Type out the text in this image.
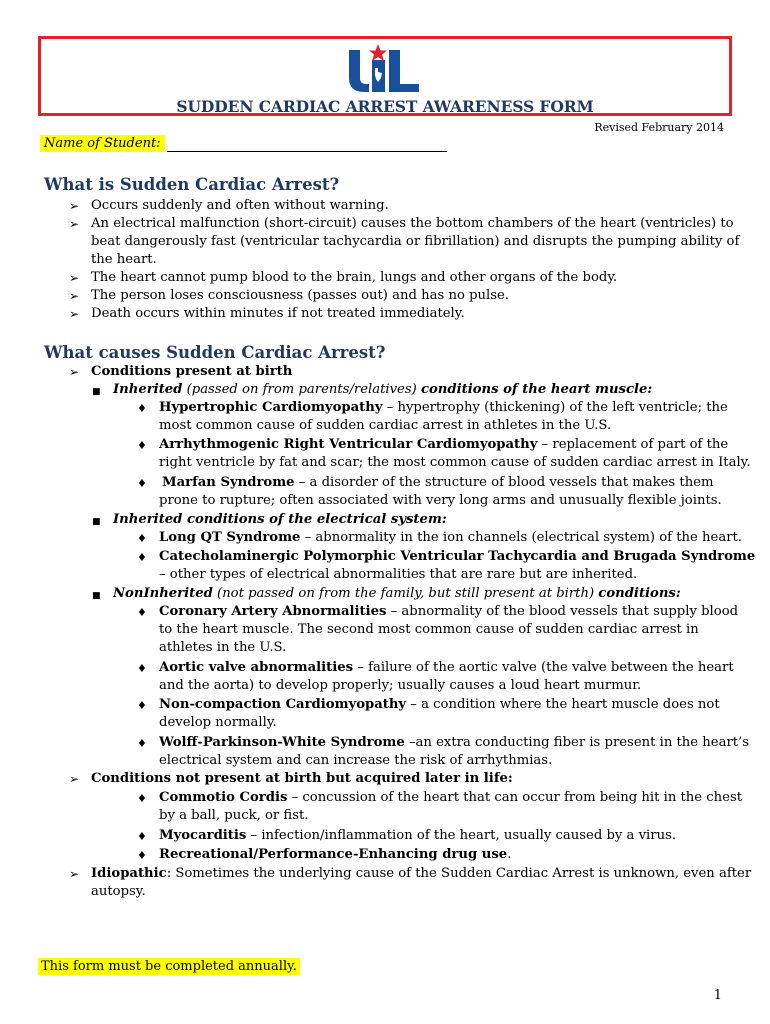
SUDDEN CARDIAC ARREST AWARENESS FORM
Revised February 2014
Name of Student:
What is Sudden Cardiac Arrest?
➢ Occurs suddenly and often without warning.
➢ An electrical malfunction (short-circuit) causes the bottom chambers of the heart (ventricles) to
beat dangerously fast (ventricular tachycardia or fibrillation) and disrupts the pumping ability of
the heart.
➢ The heart cannot pump blood to the brain, lungs and other organs of the body.
➢ The person loses consciousness (passes out) and has no pulse.
➢ Death occurs within minutes if not treated immediately.
What causes Sudden Cardiac Arrest?
➢ Conditions present at birth
■ Inherited (passed on from parents/relatives) conditions of the heart muscle:
♦ Hypertrophic Cardiomyopathy – hypertrophy (thickening) of the left ventricle; the
most common cause of sudden cardiac arrest in athletes in the U.S.
♦ Arrhythmogenic Right Ventricular Cardiomyopathy – replacement of part of the
right ventricle by fat and scar; the most common cause of sudden cardiac arrest in Italy.
♦ Marfan Syndrome – a disorder of the structure of blood vessels that makes them
prone to rupture; often associated with very long arms and unusually flexible joints.
■ Inherited conditions of the electrical system:
♦ Long QT Syndrome – abnormality in the ion channels (electrical system) of the heart.
♦ Catecholaminergic Polymorphic Ventricular Tachycardia and Brugada Syndrome
– other types of electrical abnormalities that are rare but are inherited.
■ NonInherited (not passed on from the family, but still present at birth) conditions:
♦ Coronary Artery Abnormalities – abnormality of the blood vessels that supply blood
to the heart muscle. The second most common cause of sudden cardiac arrest in
athletes in the U.S.
♦ Aortic valve abnormalities – failure of the aortic valve (the valve between the heart
and the aorta) to develop properly; usually causes a loud heart murmur.
♦ Non-compaction Cardiomyopathy – a condition where the heart muscle does not
develop normally.
♦ Wolff-Parkinson-White Syndrome –an extra conducting fiber is present in the heart’s
electrical system and can increase the risk of arrhythmias.
➢ Conditions not present at birth but acquired later in life:
♦ Commotio Cordis – concussion of the heart that can occur from being hit in the chest
by a ball, puck, or fist.
♦ Myocarditis – infection/inflammation of the heart, usually caused by a virus.
♦ Recreational/Performance-Enhancing drug use.
➢ Idiopathic: Sometimes the underlying cause of the Sudden Cardiac Arrest is unknown, even after
autopsy.
This form must be completed annually.
1
